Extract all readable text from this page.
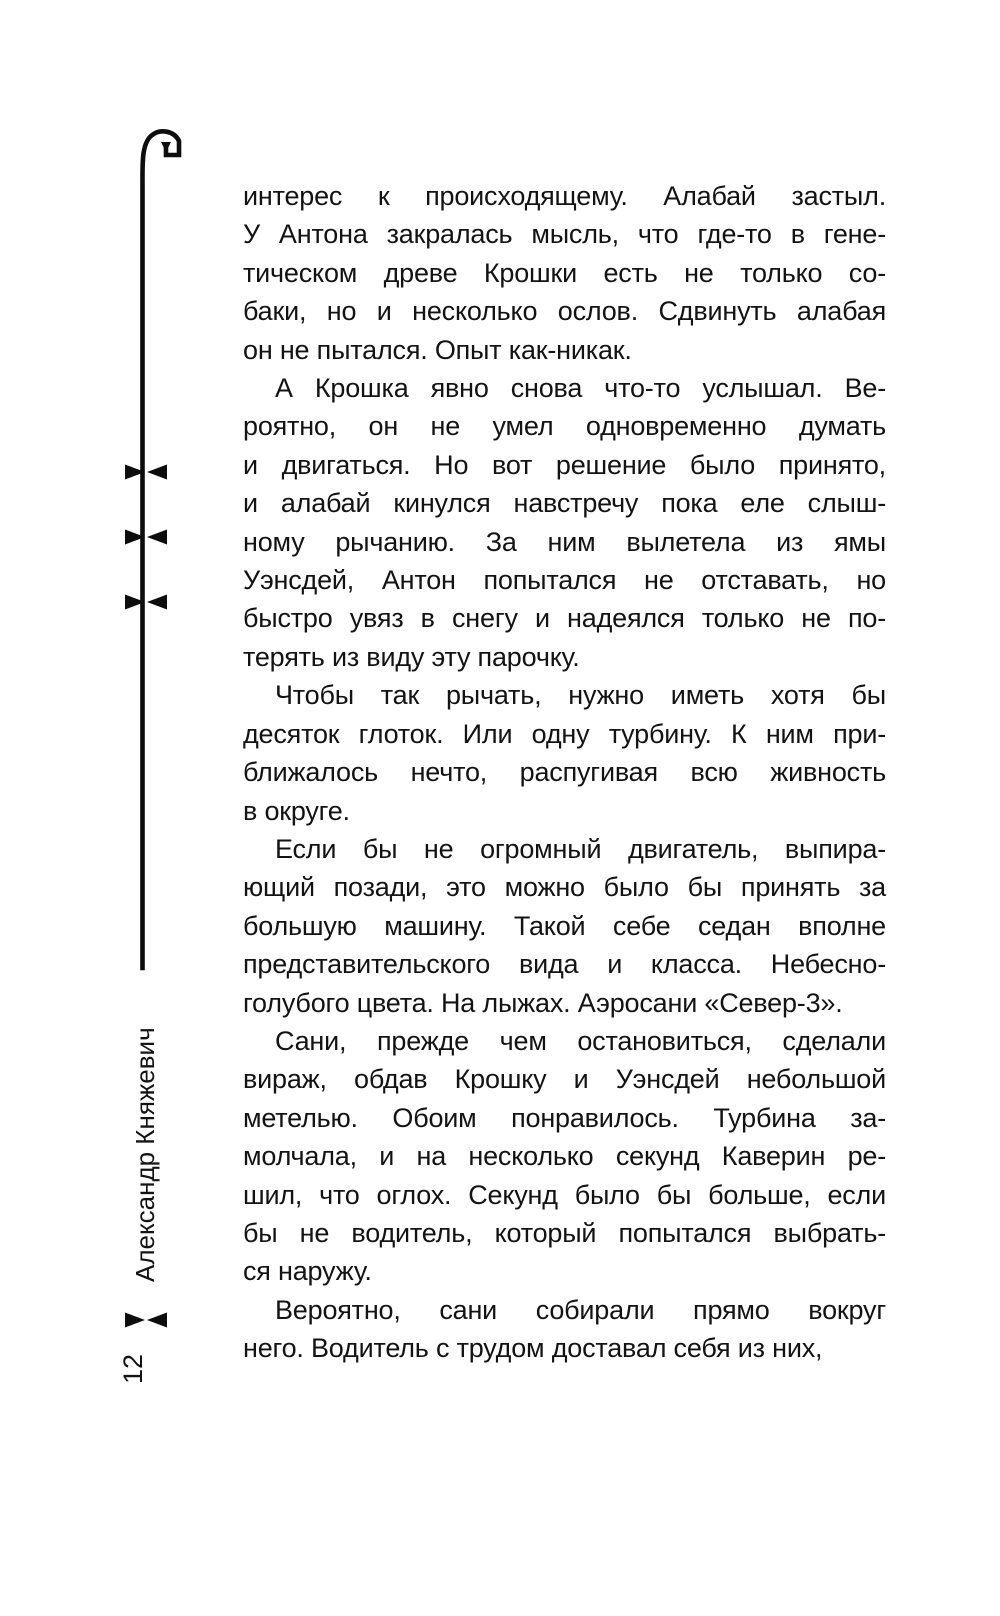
Александр Княжевич
12
интерес к происходящему. Алабай застыл.
У Антона закралась мысль, что где-то в гене-
тическом древе Крошки есть не только со-
баки, но и несколько ослов. Сдвинуть алабая
он не пытался. Опыт как-никак.
А Крошка явно снова что-то услышал. Ве-
роятно, он не умел одновременно думать
и двигаться. Но вот решение было принято,
и алабай кинулся навстречу пока еле слыш-
ному рычанию. За ним вылетела из ямы
Уэнсдей, Антон попытался не отставать, но
быстро увяз в снегу и надеялся только не по-
терять из виду эту парочку.
Чтобы так рычать, нужно иметь хотя бы
десяток глоток. Или одну турбину. К ним при-
ближалось нечто, распугивая всю живность
в округе.
Если бы не огромный двигатель, выпира-
ющий позади, это можно было бы принять за
большую машину. Такой себе седан вполне
представительского вида и класса. Небесно-
голубого цвета. На лыжах. Аэросани «Север-3».
Сани, прежде чем остановиться, сделали
вираж, обдав Крошку и Уэнсдей небольшой
метелью. Обоим понравилось. Турбина за-
молчала, и на несколько секунд Каверин ре-
шил, что оглох. Секунд было бы больше, если
бы не водитель, который попытался выбрать-
ся наружу.
Вероятно, сани собирали прямо вокруг
него. Водитель с трудом доставал себя из них,
